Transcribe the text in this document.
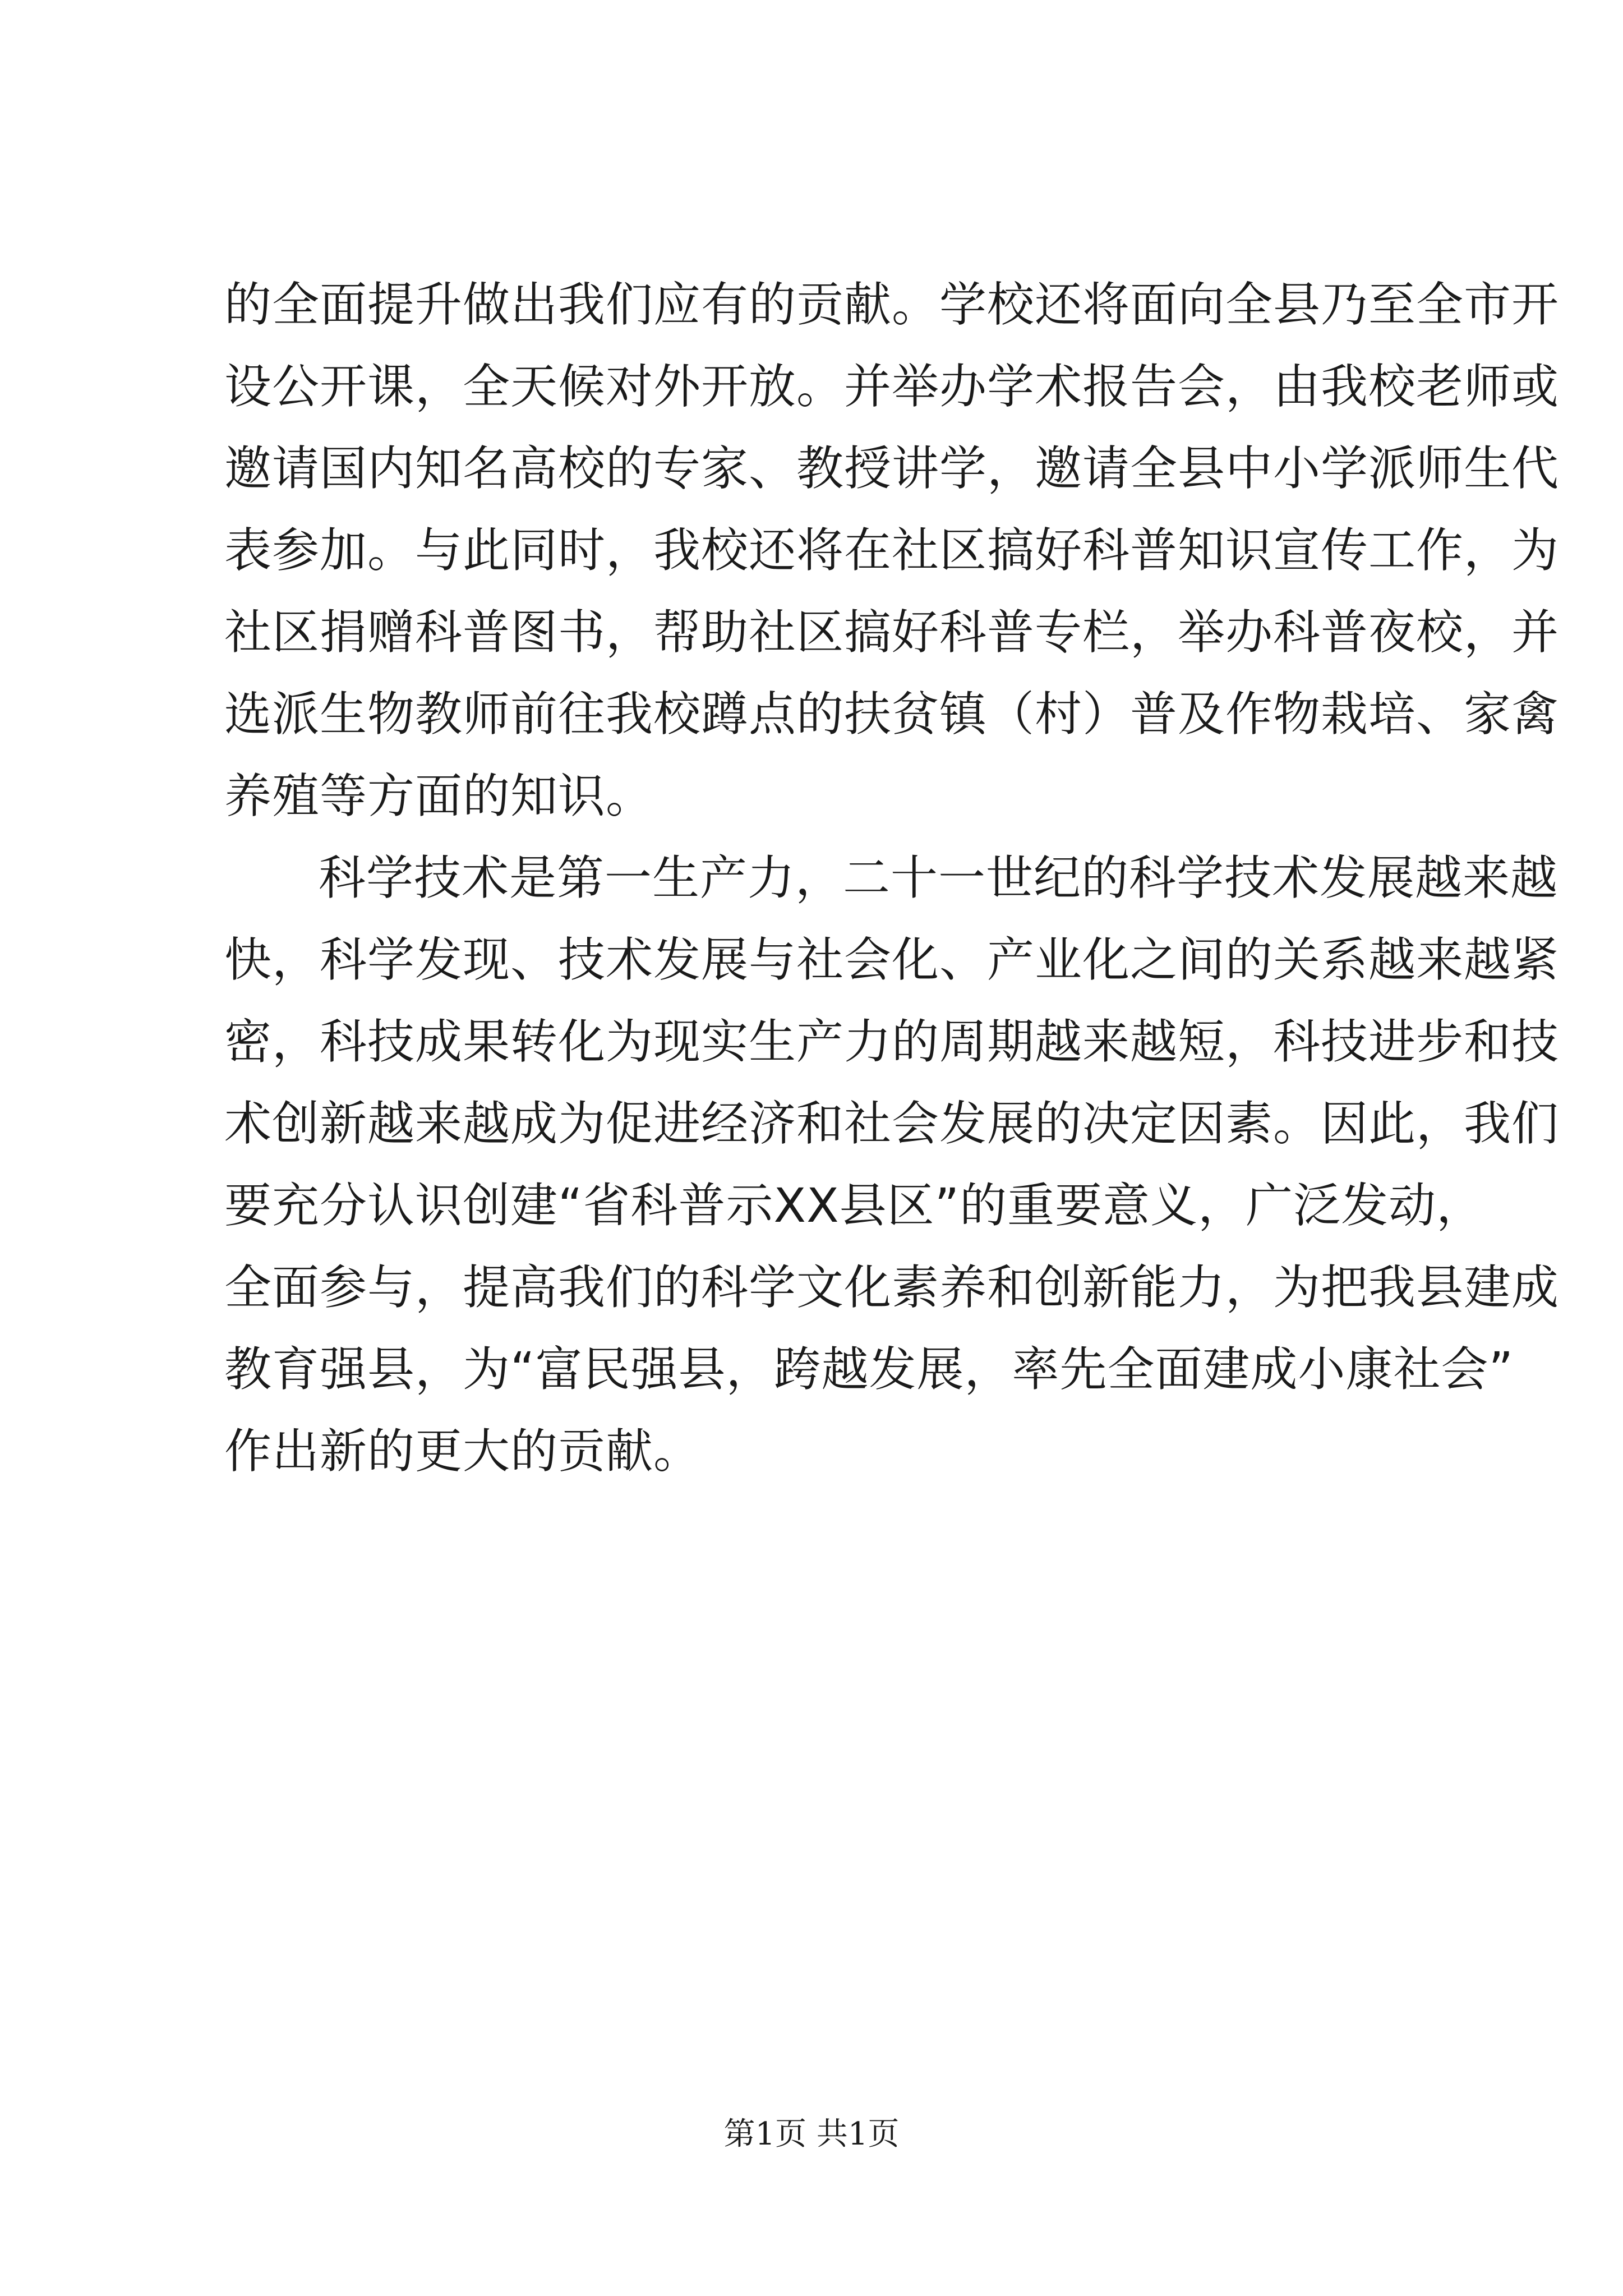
的全面提升做出我们应有的贡献。学校还将面向全县乃至全市开
设公开课，全天候对外开放。并举办学术报告会，由我校老师或
邀请国内知名高校的专家、教授讲学，邀请全县中小学派师生代
表参加。与此同时，我校还将在社区搞好科普知识宣传工作，为
社区捐赠科普图书，帮助社区搞好科普专栏，举办科普夜校，并
选派生物教师前往我校蹲点的扶贫镇（村）普及作物栽培、家禽
养殖等方面的知识。
科学技术是第一生产力，二十一世纪的科学技术发展越来越
快，科学发现、技术发展与社会化、产业化之间的关系越来越紧
密，科技成果转化为现实生产力的周期越来越短，科技进步和技
术创新越来越成为促进经济和社会发展的决定因素。因此，我们
要充分认识创建“省科普示XX县区”的重要意义，广泛发动，
全面参与，提高我们的科学文化素养和创新能力，为把我县建成
教育强县，为“富民强县，跨越发展，率先全面建成小康社会”
作出新的更大的贡献。
第1页 共1页
